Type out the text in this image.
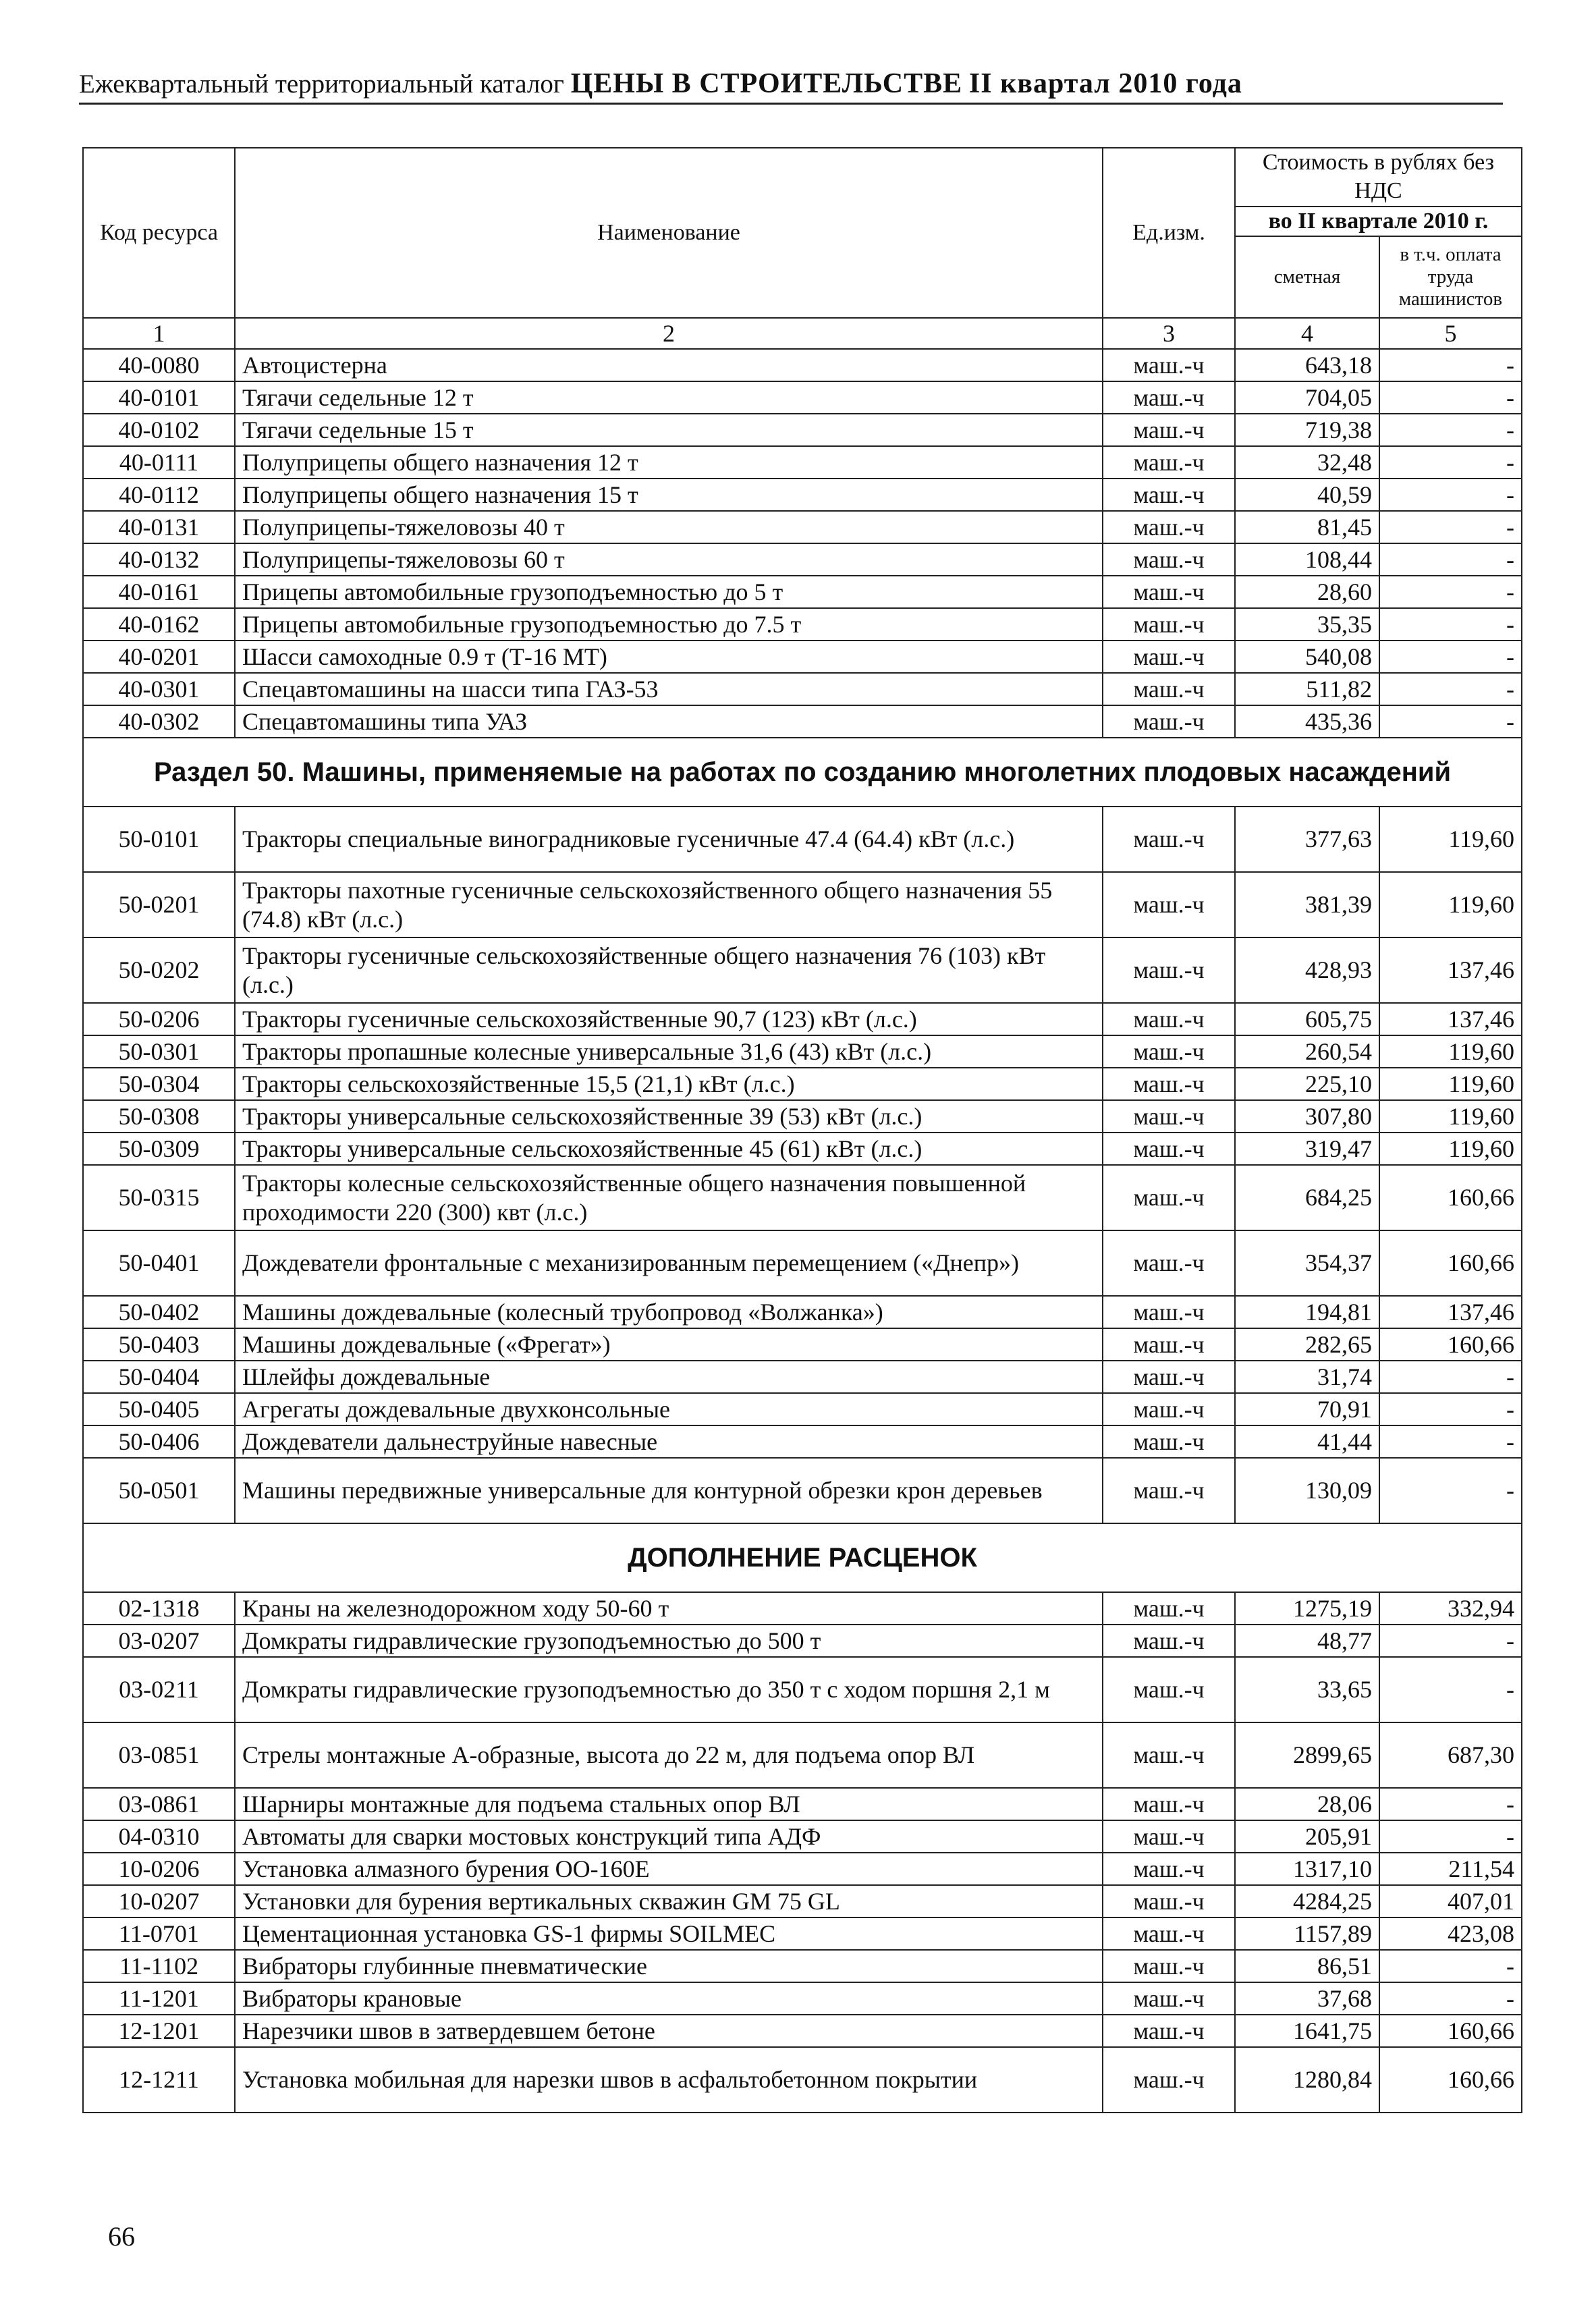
Ежеквартальный территориальный каталог ЦЕНЫ В СТРОИТЕЛЬСТВЕ II квартал 2010 года
Код ресурса	Наименование	Ед.изм.	Стоимость в рублях без НДС	
			во II квартале 2010 г.	
			сметная	в т.ч. оплата труда машинистов
1	2	3	4	5
40-0080	Автоцистерна	маш.-ч	643,18	-
40-0101	Тягачи седельные 12 т	маш.-ч	704,05	-
40-0102	Тягачи седельные 15 т	маш.-ч	719,38	-
40-0111	Полуприцепы общего назначения 12 т	маш.-ч	32,48	-
40-0112	Полуприцепы общего назначения 15 т	маш.-ч	40,59	-
40-0131	Полуприцепы-тяжеловозы 40 т	маш.-ч	81,45	-
40-0132	Полуприцепы-тяжеловозы 60 т	маш.-ч	108,44	-
40-0161	Прицепы автомобильные грузоподъемностью до 5 т	маш.-ч	28,60	-
40-0162	Прицепы автомобильные грузоподъемностью до 7.5 т	маш.-ч	35,35	-
40-0201	Шасси самоходные 0.9 т (Т-16 МТ)	маш.-ч	540,08	-
40-0301	Спецавтомашины на шасси типа ГАЗ-53	маш.-ч	511,82	-
40-0302	Спецавтомашины типа УАЗ	маш.-ч	435,36	-
Раздел 50. Машины, применяемые на работах по созданию многолетних плодовых насаждений				
50-0101	Тракторы специальные виноградниковые гусеничные 47.4 (64.4) кВт (л.с.)	маш.-ч	377,63	119,60
50-0201	Тракторы пахотные гусеничные сельскохозяйственного общего назначения 55 (74.8) кВт (л.с.)	маш.-ч	381,39	119,60
50-0202	Тракторы гусеничные сельскохозяйственные общего назначения 76 (103) кВт (л.с.)	маш.-ч	428,93	137,46
50-0206	Тракторы гусеничные сельскохозяйственные 90,7 (123) кВт (л.с.)	маш.-ч	605,75	137,46
50-0301	Тракторы пропашные колесные универсальные 31,6 (43) кВт (л.с.)	маш.-ч	260,54	119,60
50-0304	Тракторы сельскохозяйственные 15,5 (21,1) кВт (л.с.)	маш.-ч	225,10	119,60
50-0308	Тракторы универсальные сельскохозяйственные 39 (53) кВт (л.с.)	маш.-ч	307,80	119,60
50-0309	Тракторы универсальные сельскохозяйственные 45 (61) кВт (л.с.)	маш.-ч	319,47	119,60
50-0315	Тракторы колесные сельскохозяйственные общего назначения повышенной проходимости 220 (300) квт (л.с.)	маш.-ч	684,25	160,66
50-0401	Дождеватели фронтальные с механизированным перемещением («Днепр»)	маш.-ч	354,37	160,66
50-0402	Машины дождевальные (колесный трубопровод «Волжанка»)	маш.-ч	194,81	137,46
50-0403	Машины дождевальные («Фрегат»)	маш.-ч	282,65	160,66
50-0404	Шлейфы дождевальные	маш.-ч	31,74	-
50-0405	Агрегаты дождевальные двухконсольные	маш.-ч	70,91	-
50-0406	Дождеватели дальнеструйные навесные	маш.-ч	41,44	-
50-0501	Машины передвижные универсальные для контурной обрезки крон деревьев	маш.-ч	130,09	-
ДОПОЛНЕНИЕ РАСЦЕНОК				
02-1318	Краны на железнодорожном ходу 50-60 т	маш.-ч	1275,19	332,94
03-0207	Домкраты гидравлические грузоподъемностью до 500 т	маш.-ч	48,77	-
03-0211	Домкраты гидравлические грузоподъемностью до 350 т с ходом поршня 2,1 м	маш.-ч	33,65	-
03-0851	Стрелы монтажные А-образные, высота до 22 м, для подъема опор ВЛ	маш.-ч	2899,65	687,30
03-0861	Шарниры монтажные для подъема стальных опор ВЛ	маш.-ч	28,06	-
04-0310	Автоматы для сварки мостовых конструкций типа АДФ	маш.-ч	205,91	-
10-0206	Установка алмазного бурения ОО-160Е	маш.-ч	1317,10	211,54
10-0207	Установки для бурения вертикальных скважин GM 75 GL	маш.-ч	4284,25	407,01
11-0701	Цементационная установка GS-1 фирмы SOILMEC	маш.-ч	1157,89	423,08
11-1102	Вибраторы глубинные пневматические	маш.-ч	86,51	-
11-1201	Вибраторы крановые	маш.-ч	37,68	-
12-1201	Нарезчики швов в затвердевшем бетоне	маш.-ч	1641,75	160,66
12-1211	Установка мобильная для нарезки швов в асфальтобетонном покрытии	маш.-ч	1280,84	160,66
66
